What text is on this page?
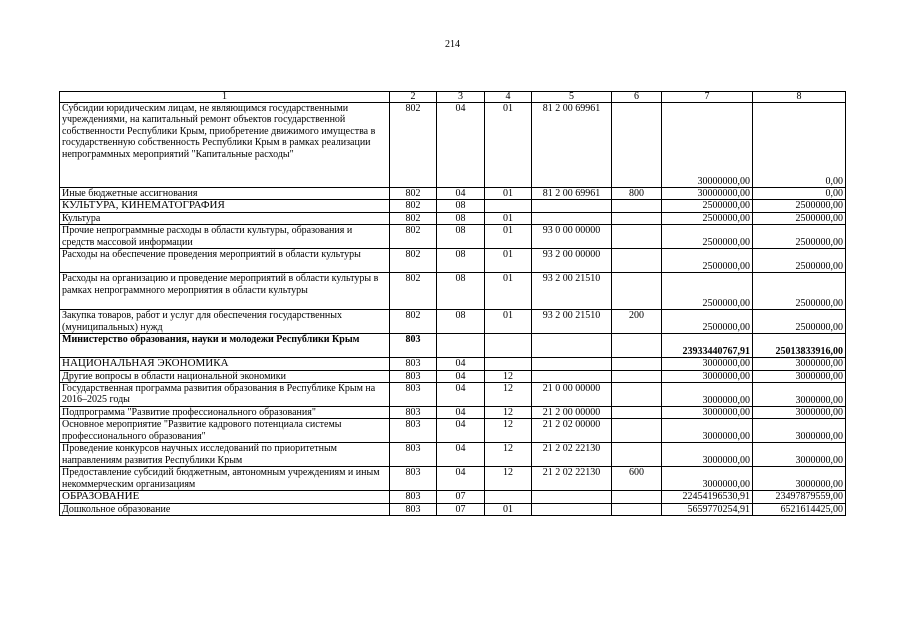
214
1	2	3	4	5	6	7	8
Субсидии юридическим лицам, не являющимся государственными учреждениями, на капитальный ремонт объектов государственной собственности Республики Крым, приобретение движимого имущества в государственную собственность Республики Крым в рамках реализации непрограммных мероприятий "Капитальные расходы"	802	04	01	81 2 00 69961		30000000,00	0,00
Иные бюджетные ассигнования	802	04	01	81 2 00 69961	800	30000000,00	0,00
КУЛЬТУРА, КИНЕМАТОГРАФИЯ	802	08				2500000,00	2500000,00
Культура	802	08	01			2500000,00	2500000,00
Прочие непрограммные расходы в области культуры, образования и средств массовой информации	802	08	01	93 0 00 00000		2500000,00	2500000,00
Расходы на обеспечение проведения мероприятий в области культуры	802	08	01	93 2 00 00000		2500000,00	2500000,00
Расходы на организацию и проведение мероприятий в области культуры в рамках непрограммного мероприятия в области культуры	802	08	01	93 2 00 21510		2500000,00	2500000,00
Закупка товаров, работ и услуг для обеспечения государственных (муниципальных) нужд	802	08	01	93 2 00 21510	200	2500000,00	2500000,00
Министерство образования, науки и молодежи Республики Крым	803					23933440767,91	25013833916,00
НАЦИОНАЛЬНАЯ ЭКОНОМИКА	803	04				3000000,00	3000000,00
Другие вопросы в области национальной экономики	803	04	12			3000000,00	3000000,00
Государственная программа развития образования в Республике Крым на 2016–2025 годы	803	04	12	21 0 00 00000		3000000,00	3000000,00
Подпрограмма "Развитие профессионального образования"	803	04	12	21 2 00 00000		3000000,00	3000000,00
Основное мероприятие "Развитие кадрового потенциала системы профессионального образования"	803	04	12	21 2 02 00000		3000000,00	3000000,00
Проведение конкурсов научных исследований по приоритетным направлениям развития Республики Крым	803	04	12	21 2 02 22130		3000000,00	3000000,00
Предоставление субсидий бюджетным, автономным учреждениям и иным некоммерческим организациям	803	04	12	21 2 02 22130	600	3000000,00	3000000,00
ОБРАЗОВАНИЕ	803	07				22454196530,91	23497879559,00
Дошкольное образование	803	07	01			5659770254,91	6521614425,00
